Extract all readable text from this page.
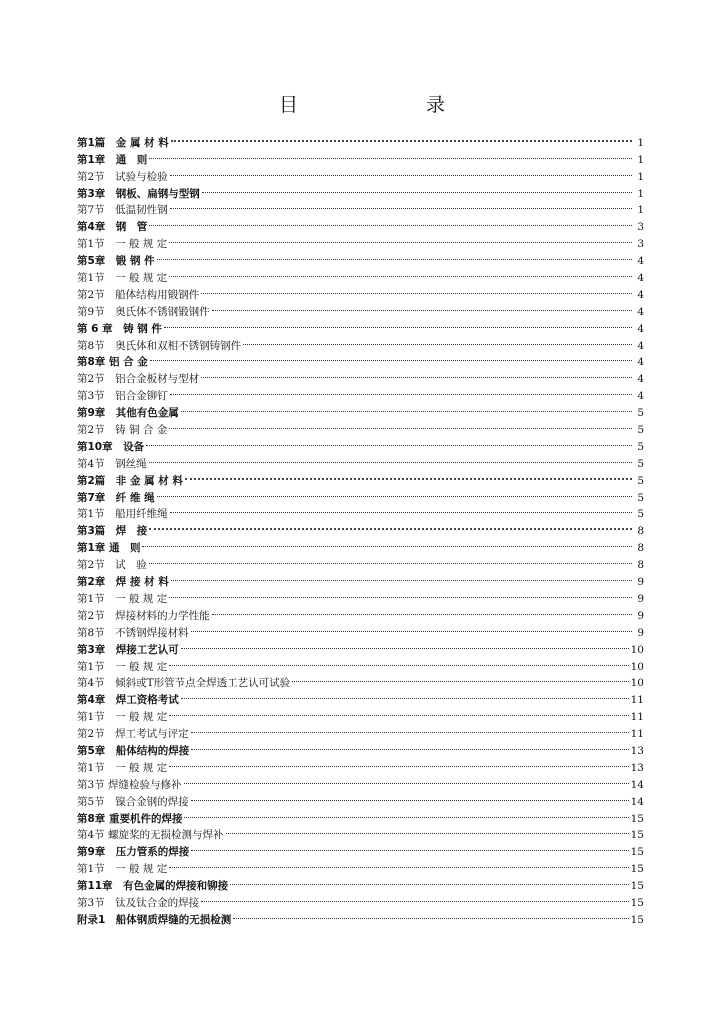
目　　录
第1篇　金 属 材 料	1
第1章　通　则	1
第2节　试验与检验	1
第3章　钢板、扁钢与型钢	1
第7节　低温韧性钢	1
第4章　钢　管	3
第1节　一 般 规 定	3
第5章　锻 钢 件	4
第1节　一 般 规 定	4
第2节　船体结构用锻钢件	4
第9节　奥氏体不锈钢锻钢件	4
第 6 章　铸 钢 件	4
第8节　奥氏体和双相不锈钢铸钢件	4
第8章 铝 合 金	4
第2节　铝合金板材与型材	4
第3节　铝合金铆钉	4
第9章　其他有色金属	5
第2节　铸 铜 合 金	5
第10章　设备	5
第4节　钢丝绳	5
第2篇　非 金 属 材 料	5
第7章　纤 维 绳	5
第1节　船用纤维绳	5
第3篇　焊　接	8
第1章 通　则	8
第2节　试　验	8
第2章　焊 接 材 料	9
第1节　一 般 规 定	9
第2节　焊接材料的力学性能	9
第8节　不锈钢焊接材料	9
第3章　焊接工艺认可	10
第1节　一 般 规 定	10
第4节　倾斜或T形管节点全焊透工艺认可试验	10
第4章　焊工资格考试	11
第1节　一 般 规 定	11
第2节　焊工考试与评定	11
第5章　船体结构的焊接	13
第1节　一 般 规 定	13
第3节 焊缝检验与修补	14
第5节　镍合金钢的焊接	14
第8章 重要机件的焊接	15
第4节 螺旋桨的无损检测与焊补	15
第9章　压力管系的焊接	15
第1节　一 般 规 定	15
第11章　有色金属的焊接和铆接	15
第3节　钛及钛合金的焊接	15
附录1　船体钢质焊缝的无损检测	15
